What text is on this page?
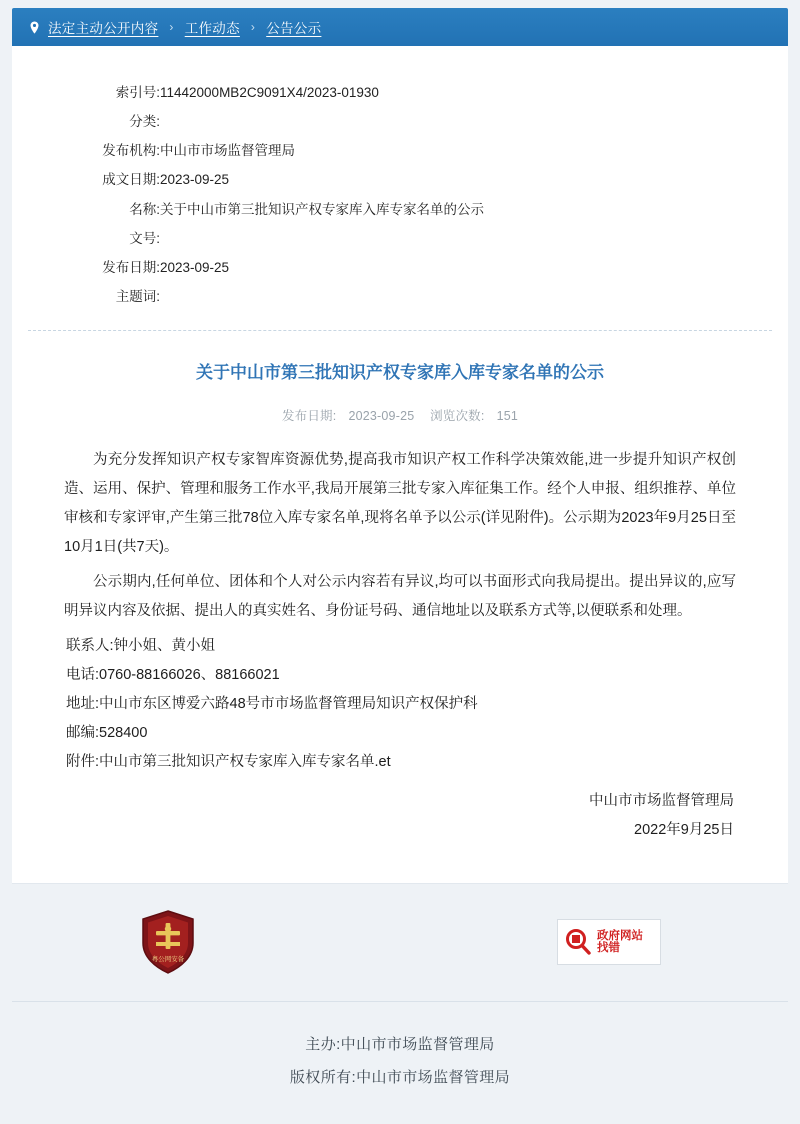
法定主动公开内容 › 工作动态 › 公告公示
索引号:	11442000MB2C9091X4/2023-01930
分类:	
发布机构:	中山市市场监督管理局
成文日期:	2023-09-25
名称:	关于中山市第三批知识产权专家库入库专家名单的公示
文号:	
发布日期:	2023-09-25
主题词:	
关于中山市第三批知识产权专家库入库专家名单的公示
发布日期: 2023-09-25 浏览次数: 151

为充分发挥知识产权专家智库资源优势,提高我市知识产权工作科学决策效能,进一步提升知识产权创造、运用、保护、管理和服务工作水平,我局开展第三批专家入库征集工作。经个人申报、组织推荐、单位审核和专家评审,产生第三批78位入库专家名单,现将名单予以公示(详见附件)。公示期为2023年9月25日至10月1日(共7天)。

公示期内,任何单位、团体和个人对公示内容若有异议,均可以书面形式向我局提出。提出异议的,应写明异议内容及依据、提出人的真实姓名、身份证号码、通信地址以及联系方式等,以便联系和处理。

联系人:钟小姐、黄小姐

电话:0760-88166026、88166021

地址:中山市东区博爱六路48号市市场监督管理局知识产权保护科

邮编:528400

附件:中山市第三批知识产权专家库入库专家名单.et

中山市市场监督管理局
2022年9月25日
粤公网安备
政府网站
找错
主办:中山市市场监督管理局
版权所有:中山市市场监督管理局
